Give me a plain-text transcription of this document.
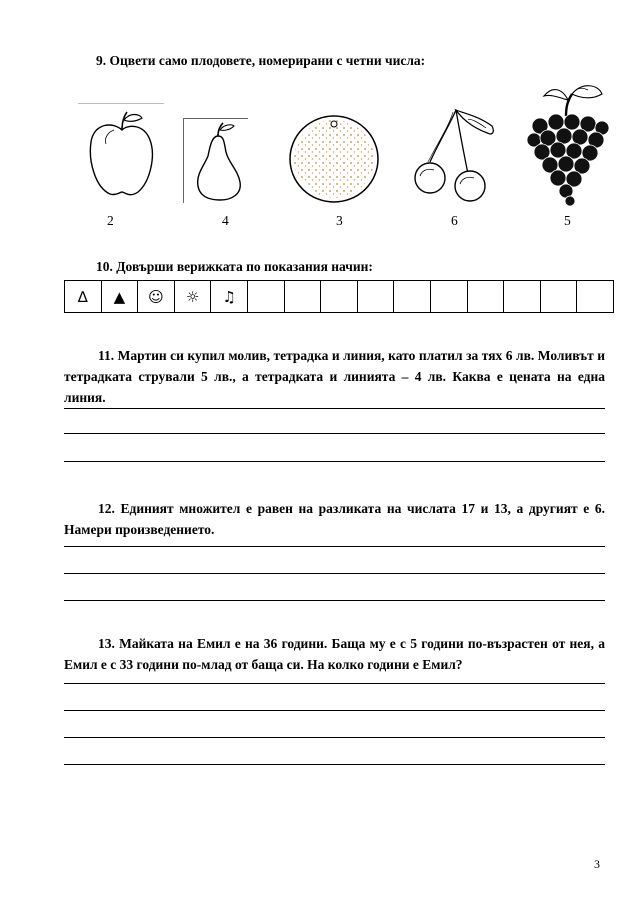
9. Оцвети само плодовете, номерирани с четни числа:
2	4	3	6	5
10. Довърши верижката по показания начин:
∆	▲	☺	☼	♫										
11. Мартин си купил молив, тетрадка и линия, като платил за тях 6 лв. Моливът и тетрадката стрували 5 лв., а тетрадката и линията – 4 лв. Каква е цената на една линия.
12. Единият множител е равен на разликата на числата 17 и 13, а другият е 6. Намери произведението.
13. Майката на Емил е на 36 години. Баща му е с 5 години по-възрастен от нея, а Емил е с 33 години по-млад от баща си. На колко години е Емил?
3
